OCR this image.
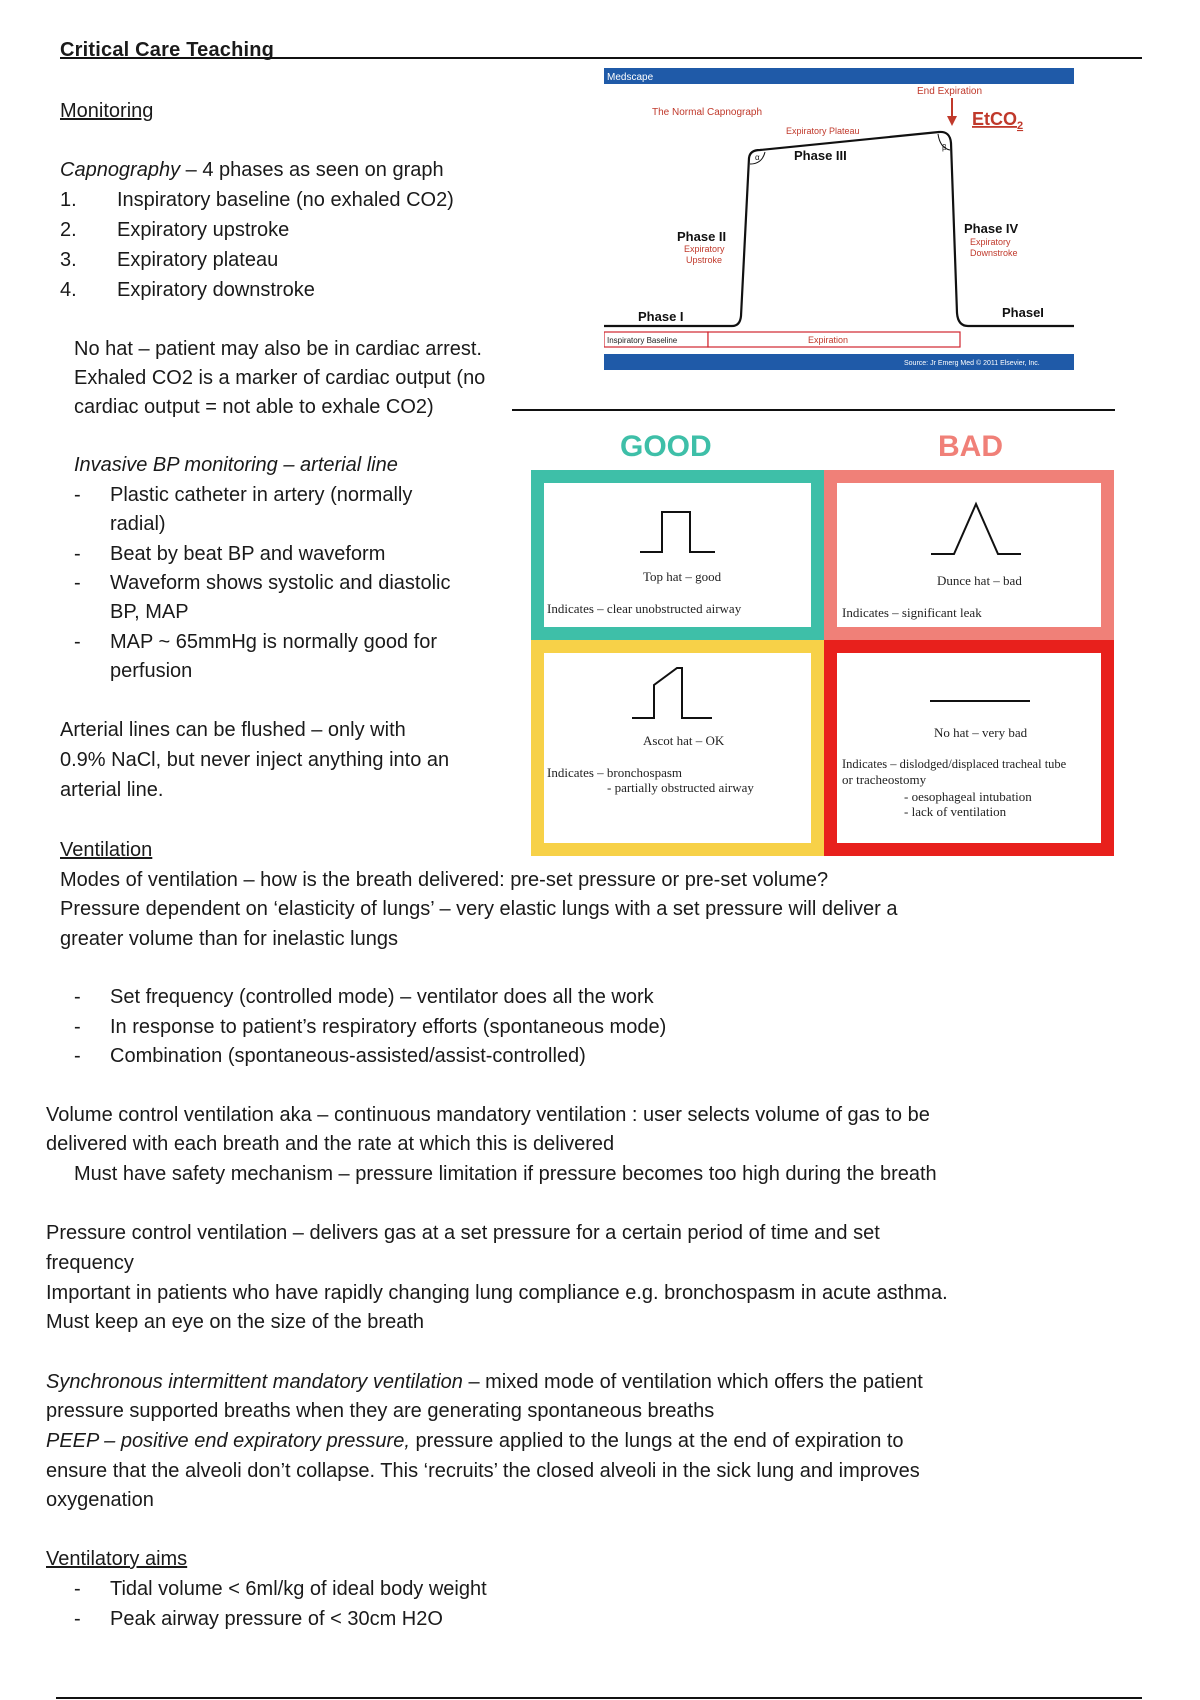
Critical Care Teaching
Monitoring
Capnography – 4 phases as seen on graph
1. Inspiratory baseline (no exhaled CO2)
2. Expiratory upstroke
3. Expiratory plateau
4. Expiratory downstroke
No hat – patient may also be in cardiac arrest.
Exhaled CO2 is a marker of cardiac output (no
cardiac output = not able to exhale CO2)
Medscape
The Normal Capnograph
End Expiration
EtCO$_2$
Expiratory Plateau
α
β
Phase III
Phase II
Expiratory
Upstroke
Phase IV
Expiratory
Downstroke
Phase I	PhaseI
Inspiratory Baseline	Expiration
Source: Jr Emerg Med © 2011 Elsevier, Inc.
Invasive BP monitoring – arterial line
- Plastic catheter in artery (normally
radial)
- Beat by beat BP and waveform
- Waveform shows systolic and diastolic
BP, MAP
- MAP ~ 65mmHg is normally good for
perfusion
Arterial lines can be flushed – only with
0.9% NaCl, but never inject anything into an
arterial line.
GOOD	BAD
Top hat – good
Indicates – clear unobstructed airway
Dunce hat – bad
Indicates – significant leak
Ascot hat – OK
Indicates – bronchospasm
- partially obstructed airway
No hat – very bad
Indicates – dislodged/displaced tracheal tube
or tracheostomy
- oesophageal intubation
- lack of ventilation
Ventilation
Modes of ventilation – how is the breath delivered: pre-set pressure or pre-set volume?
Pressure dependent on ‘elasticity of lungs’ – very elastic lungs with a set pressure will deliver a
greater volume than for inelastic lungs
- Set frequency (controlled mode) – ventilator does all the work
- In response to patient’s respiratory efforts (spontaneous mode)
- Combination (spontaneous-assisted/assist-controlled)
Volume control ventilation aka – continuous mandatory ventilation : user selects volume of gas to be
delivered with each breath and the rate at which this is delivered
Must have safety mechanism – pressure limitation if pressure becomes too high during the breath
Pressure control ventilation – delivers gas at a set pressure for a certain period of time and set
frequency
Important in patients who have rapidly changing lung compliance e.g. bronchospasm in acute asthma.
Must keep an eye on the size of the breath
Synchronous intermittent mandatory ventilation – mixed mode of ventilation which offers the patient
pressure supported breaths when they are generating spontaneous breaths
PEEP – positive end expiratory pressure, pressure applied to the lungs at the end of expiration to
ensure that the alveoli don’t collapse. This ‘recruits’ the closed alveoli in the sick lung and improves
oxygenation
Ventilatory aims
- Tidal volume < 6ml/kg of ideal body weight
- Peak airway pressure of < 30cm H2O
